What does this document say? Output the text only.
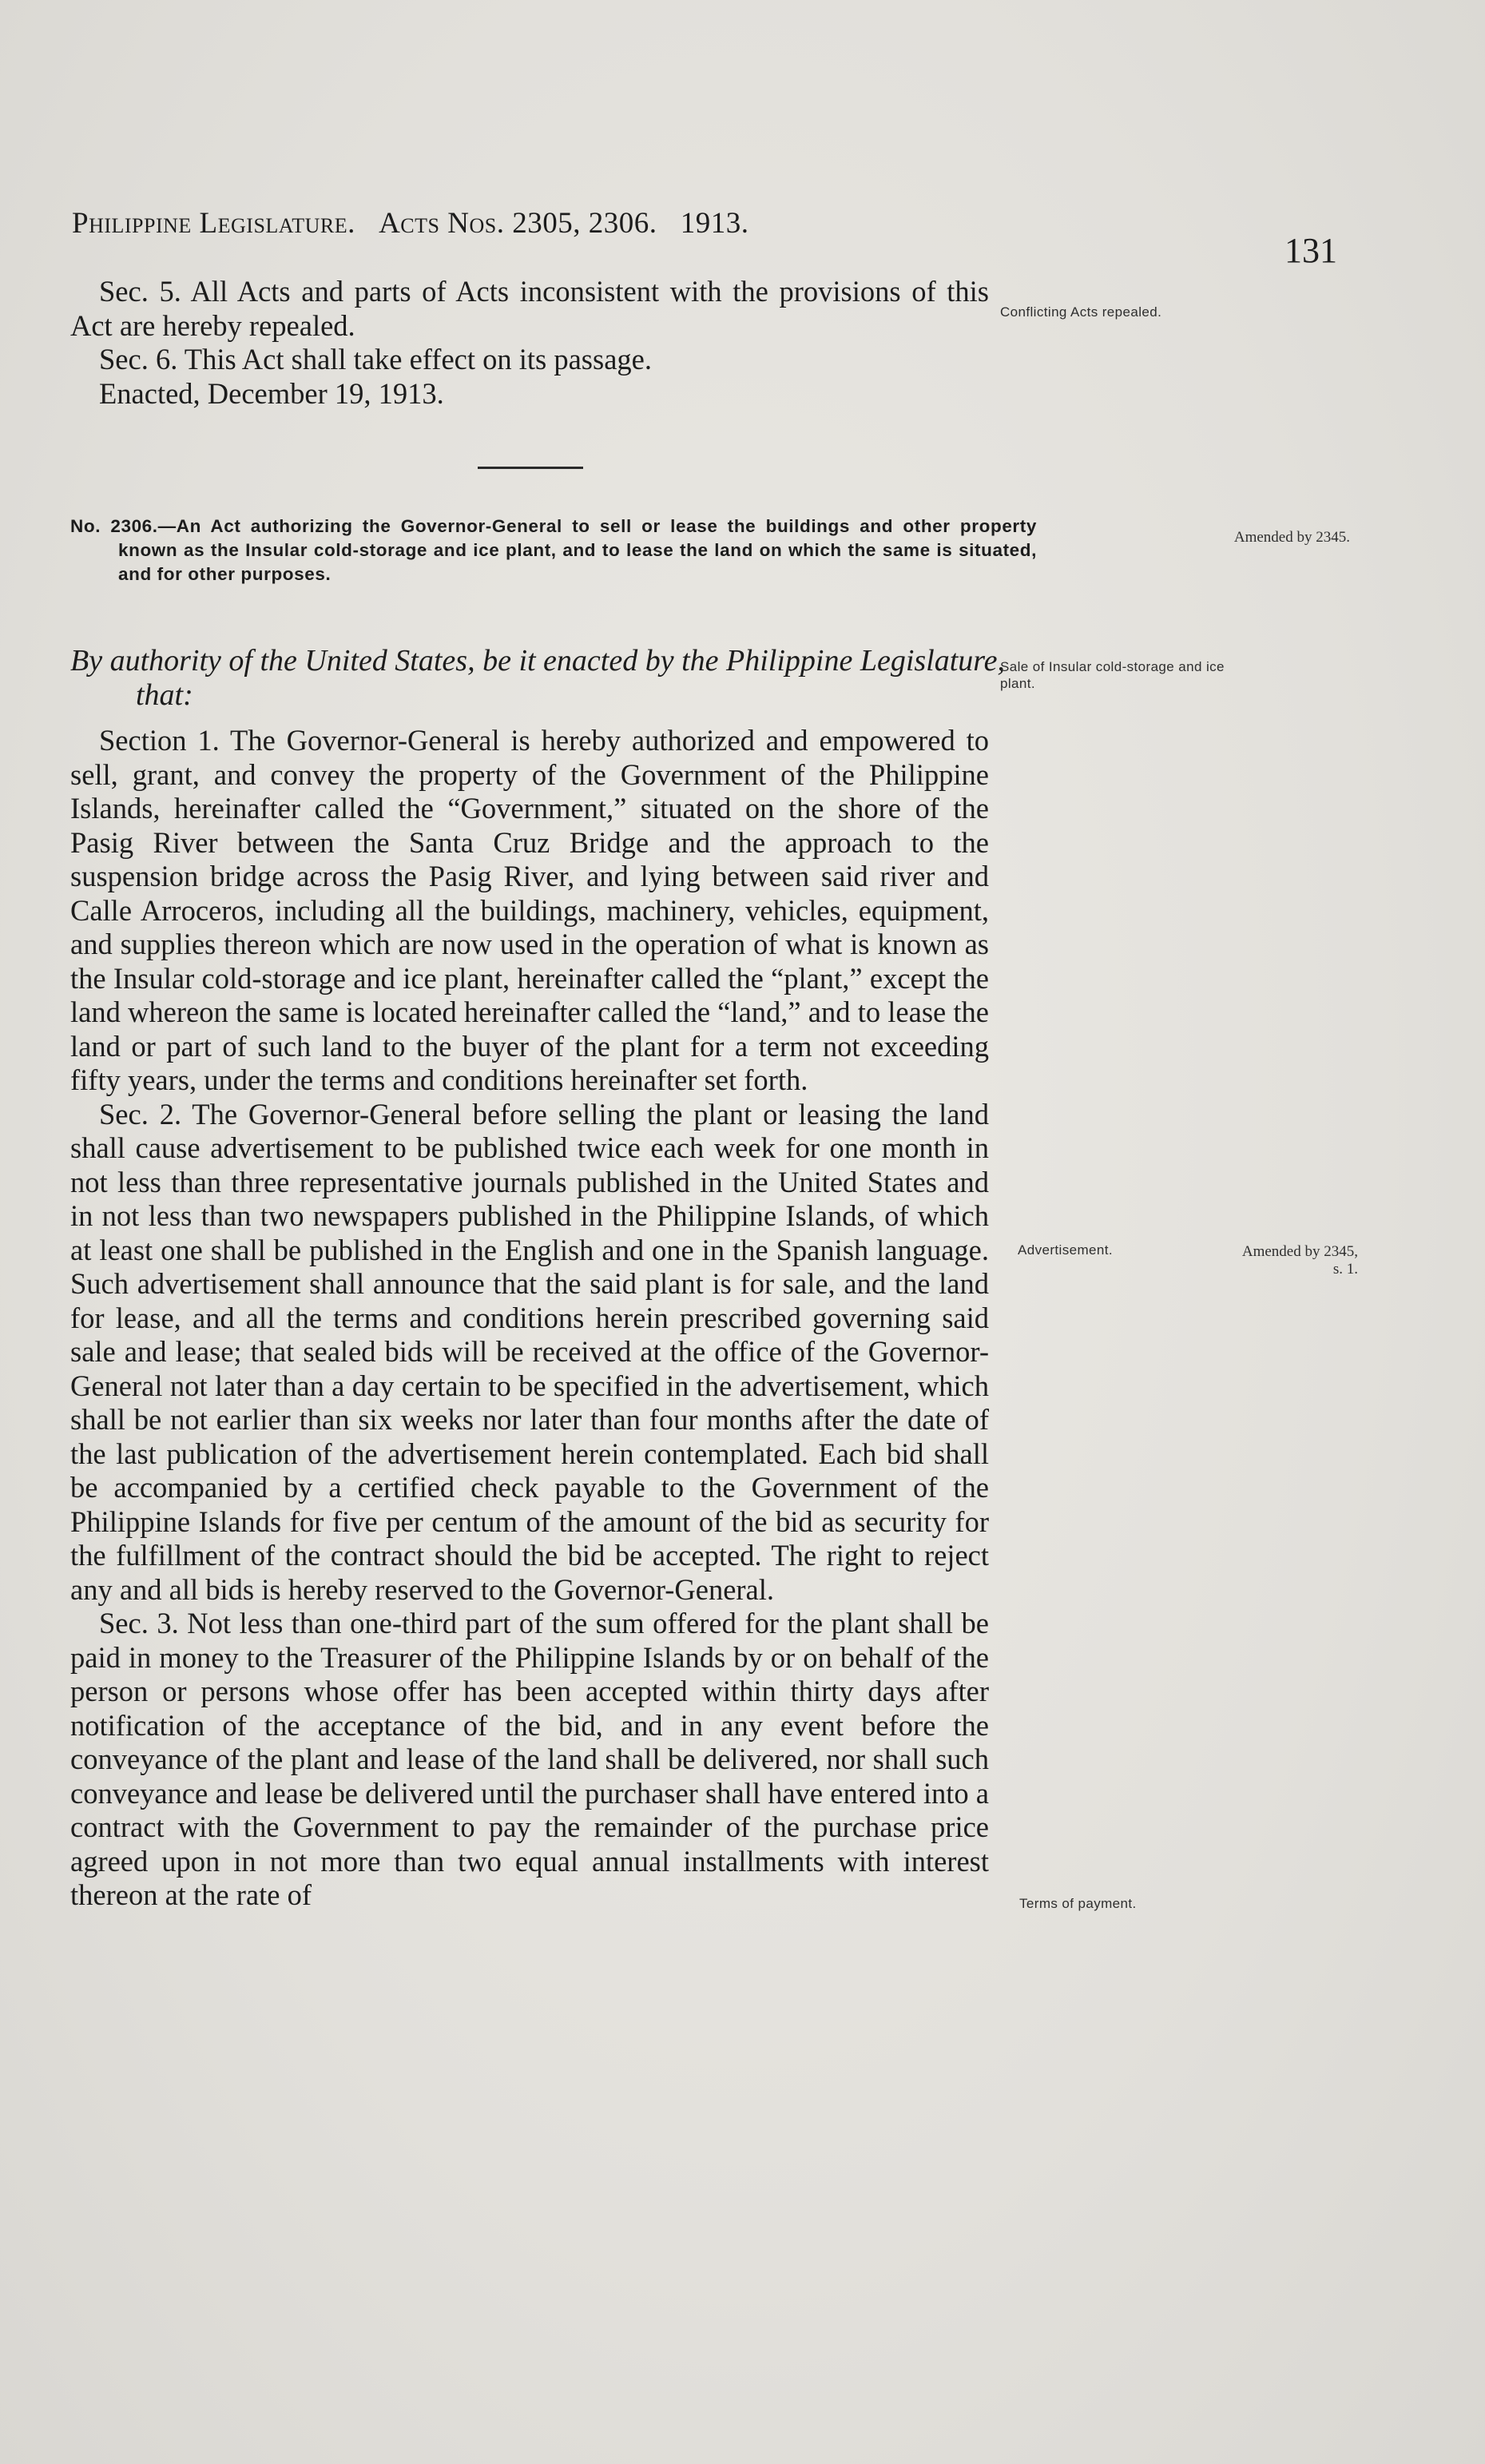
Philippine Legislature. Acts Nos. 2305, 2306. 1913.
131

Sec. 5. All Acts and parts of Acts inconsistent with the provisions of this Act are hereby repealed.

Sec. 6. This Act shall take effect on its passage.

Enacted, December 19, 1913.

No. 2306.—An Act authorizing the Governor-General to sell or lease the buildings and other property known as the Insular cold-storage and ice plant, and to lease the land on which the same is situated, and for other purposes.
By authority of the United States, be it enacted by the Philippine Legislature, that:

Section 1. The Governor-General is hereby authorized and empowered to sell, grant, and convey the property of the Government of the Philippine Islands, hereinafter called the “Government,” situated on the shore of the Pasig River between the Santa Cruz Bridge and the approach to the suspension bridge across the Pasig River, and lying between said river and Calle Arroceros, including all the buildings, machinery, vehicles, equipment, and supplies thereon which are now used in the operation of what is known as the Insular cold-storage and ice plant, hereinafter called the “plant,” except the land whereon the same is located hereinafter called the “land,” and to lease the land or part of such land to the buyer of the plant for a term not exceeding fifty years, under the terms and conditions hereinafter set forth.

Sec. 2. The Governor-General before selling the plant or leasing the land shall cause advertisement to be published twice each week for one month in not less than three representative journals published in the United States and in not less than two newspapers published in the Philippine Islands, of which at least one shall be published in the English and one in the Spanish language. Such advertisement shall announce that the said plant is for sale, and the land for lease, and all the terms and conditions herein prescribed governing said sale and lease; that sealed bids will be received at the office of the Governor-General not later than a day certain to be specified in the advertisement, which shall be not earlier than six weeks nor later than four months after the date of the last publication of the advertisement herein contemplated. Each bid shall be accompanied by a certified check payable to the Government of the Philippine Islands for five per centum of the amount of the bid as security for the fulfillment of the contract should the bid be accepted. The right to reject any and all bids is hereby reserved to the Governor-General.

Sec. 3. Not less than one-third part of the sum offered for the plant shall be paid in money to the Treasurer of the Philippine Islands by or on behalf of the person or persons whose offer has been accepted within thirty days after notification of the acceptance of the bid, and in any event before the conveyance of the plant and lease of the land shall be delivered, nor shall such conveyance and lease be delivered until the purchaser shall have entered into a contract with the Government to pay the remainder of the purchase price agreed upon in not more than two equal annual installments with interest thereon at the rate of

Conflicting Acts repealed.
Amended by 2345.
Sale of Insular cold-storage and ice plant.
Advertisement.	Amended by 2345, s. 1.
Terms of payment.
